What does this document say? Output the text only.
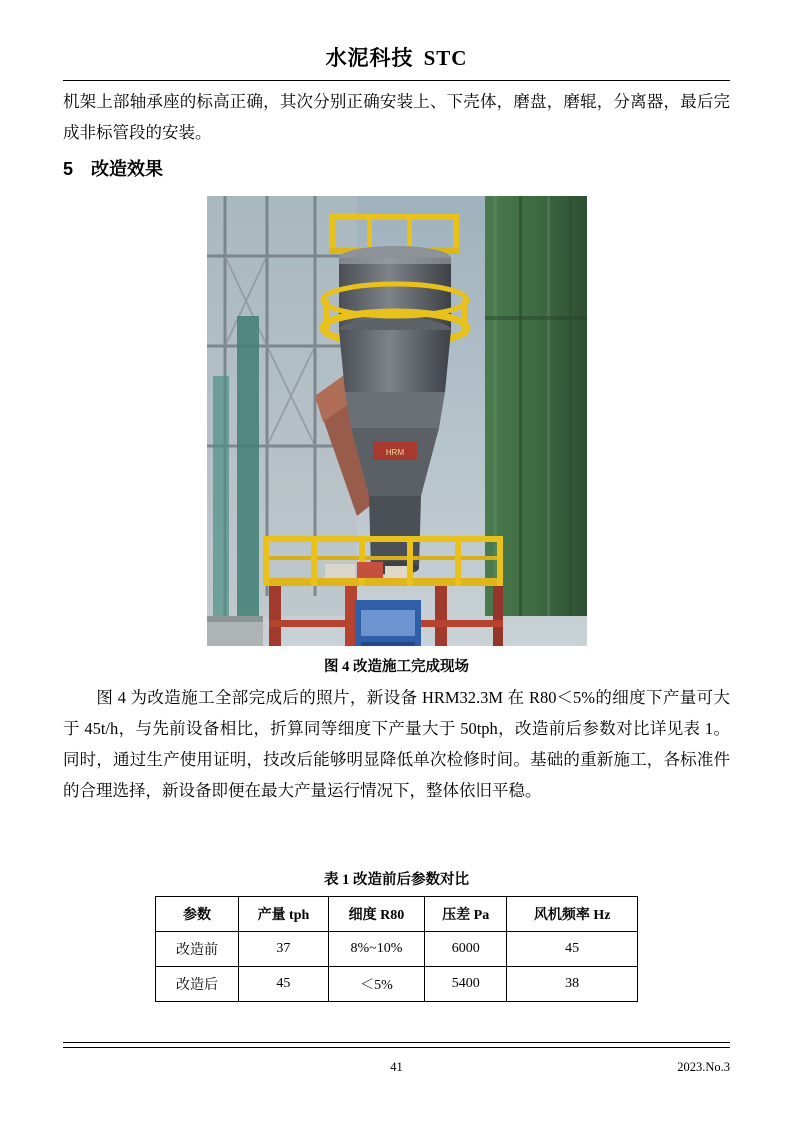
水泥科技 STC
机架上部轴承座的标高正确，其次分别正确安装上、下壳体，磨盘，磨辊，分离器，最后完成非标管段的安装。
5 改造效果
HRM
图 4 改造施工完成现场
图 4 为改造施工全部完成后的照片，新设备 HRM32.3M 在 R80＜5%的细度下产量可大于 45t/h，与先前设备相比，折算同等细度下产量大于 50tph，改造前后参数对比详见表 1。同时，通过生产使用证明，技改后能够明显降低单次检修时间。基础的重新施工，各标准件的合理选择，新设备即便在最大产量运行情况下，整体依旧平稳。
表 1 改造前后参数对比
参数	产量 tph	细度 R80	压差 Pa	风机频率 Hz
改造前	37	8%~10%	6000	45
改造后	45	＜5%	5400	38
41	2023.No.3
